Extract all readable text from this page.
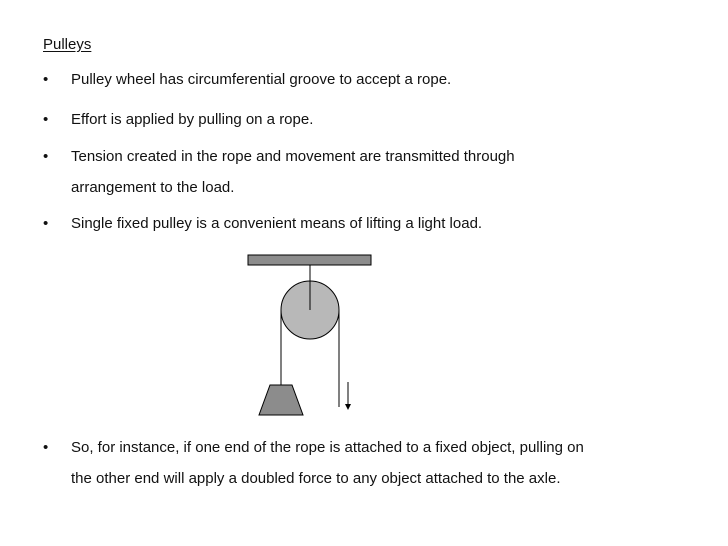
Pulleys
•	Pulley wheel has circumferential groove to accept a rope.
•	Effort is applied by pulling on a rope.
•	Tension created in the rope and movement are transmitted through
arrangement to the load.
•	Single fixed pulley is a convenient means of lifting a light load.
•	So, for instance, if one end of the rope is attached to a fixed object, pulling on
the other end will apply a doubled force to any object attached to the axle.
